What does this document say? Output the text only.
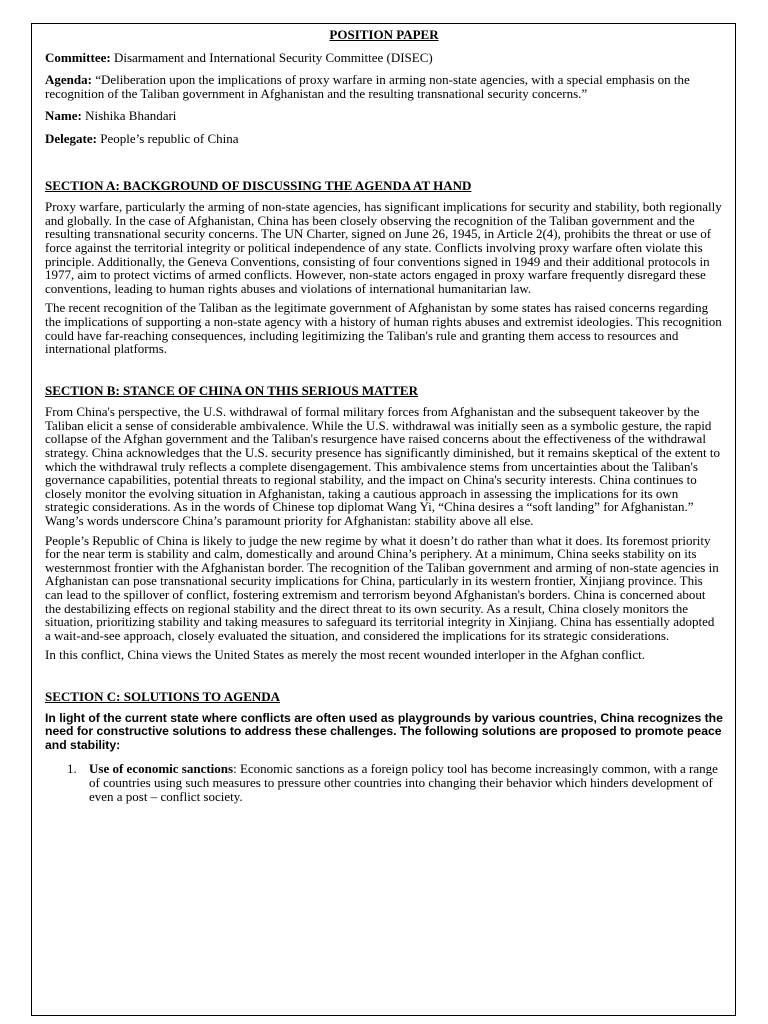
POSITION PAPER
Committee: Disarmament and International Security Committee (DISEC)
Agenda: “Deliberation upon the implications of proxy warfare in arming non-state agencies, with a special emphasis on the recognition of the Taliban government in Afghanistan and the resulting transnational security concerns.”
Name: Nishika Bhandari
Delegate: People’s republic of China
SECTION A: BACKGROUND OF DISCUSSING THE AGENDA AT HAND

Proxy warfare, particularly the arming of non-state agencies, has significant implications for security and stability, both regionally and globally. In the case of Afghanistan, China has been closely observing the recognition of the Taliban government and the resulting transnational security concerns. The UN Charter, signed on June 26, 1945, in Article 2(4), prohibits the threat or use of force against the territorial integrity or political independence of any state. Conflicts involving proxy warfare often violate this principle. Additionally, the Geneva Conventions, consisting of four conventions signed in 1949 and their additional protocols in 1977, aim to protect victims of armed conflicts. However, non-state actors engaged in proxy warfare frequently disregard these conventions, leading to human rights abuses and violations of international humanitarian law.

The recent recognition of the Taliban as the legitimate government of Afghanistan by some states has raised concerns regarding the implications of supporting a non-state agency with a history of human rights abuses and extremist ideologies. This recognition could have far-reaching consequences, including legitimizing the Taliban's rule and granting them access to resources and international platforms.

SECTION B: STANCE OF CHINA ON THIS SERIOUS MATTER

From China's perspective, the U.S. withdrawal of formal military forces from Afghanistan and the subsequent takeover by the Taliban elicit a sense of considerable ambivalence. While the U.S. withdrawal was initially seen as a symbolic gesture, the rapid collapse of the Afghan government and the Taliban's resurgence have raised concerns about the effectiveness of the withdrawal strategy. China acknowledges that the U.S. security presence has significantly diminished, but it remains skeptical of the extent to which the withdrawal truly reflects a complete disengagement. This ambivalence stems from uncertainties about the Taliban's governance capabilities, potential threats to regional stability, and the impact on China's security interests. China continues to closely monitor the evolving situation in Afghanistan, taking a cautious approach in assessing the implications for its own strategic considerations. As in the words of Chinese top diplomat Wang Yi, “China desires a “soft landing” for Afghanistan.” Wang’s words underscore China’s paramount priority for Afghanistan: stability above all else.

People’s Republic of China is likely to judge the new regime by what it doesn’t do rather than what it does. Its foremost priority for the near term is stability and calm, domestically and around China’s periphery. At a minimum, China seeks stability on its westernmost frontier with the Afghanistan border. The recognition of the Taliban government and arming of non-state agencies in Afghanistan can pose transnational security implications for China, particularly in its western frontier, Xinjiang province. This can lead to the spillover of conflict, fostering extremism and terrorism beyond Afghanistan's borders. China is concerned about the destabilizing effects on regional stability and the direct threat to its own security. As a result, China closely monitors the situation, prioritizing stability and taking measures to safeguard its territorial integrity in Xinjiang. China has essentially adopted a wait-and-see approach, closely evaluated the situation, and considered the implications for its strategic considerations.

In this conflict, China views the United States as merely the most recent wounded interloper in the Afghan conflict.

SECTION C: SOLUTIONS TO AGENDA

In light of the current state where conflicts are often used as playgrounds by various countries, China recognizes the need for constructive solutions to address these challenges. The following solutions are proposed to promote peace and stability:

1. Use of economic sanctions: Economic sanctions as a foreign policy tool has become increasingly common, with a range of countries using such measures to pressure other countries into changing their behavior which hinders development of even a post – conflict society.
